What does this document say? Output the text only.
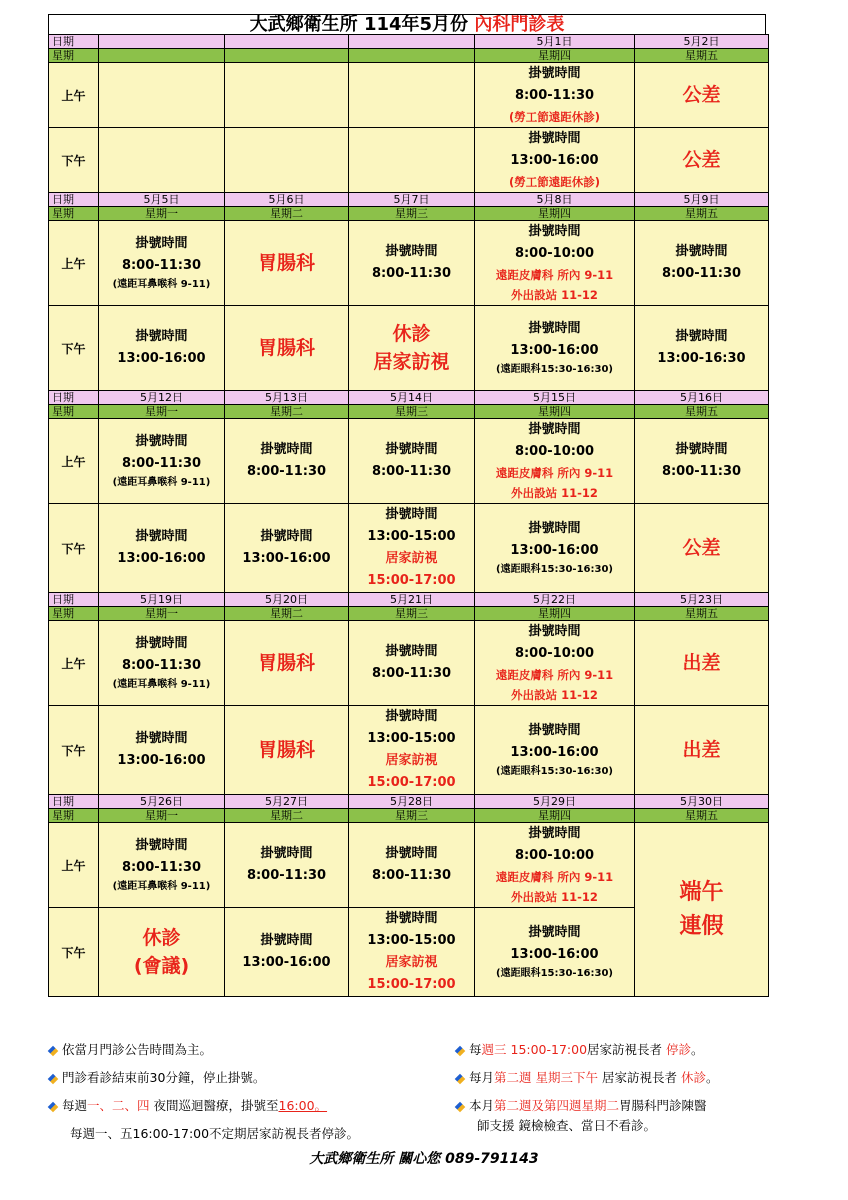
大武鄉衛生所 114年5月份 內科門診表
日期				5月1日	5月2日
星期				星期四	星期五
上午				掛號時間
8:00-11:30
(勞工節遠距休診)	公差

下午				掛號時間
13:00-16:00
(勞工節遠距休診)	公差

日期	5月5日	5月6日	5月7日	5月8日	5月9日
星期	星期一	星期二	星期三	星期四	星期五
上午	掛號時間
8:00-11:30
(遠距耳鼻喉科 9-11)	胃腸科	掛號時間
8:00-11:30	掛號時間
8:00-10:00
遠距皮膚科 所內 9-11
外出設站 11-12	掛號時間
8:00-11:30

下午	掛號時間
13:00-16:00	胃腸科	休診
居家訪視	掛號時間
13:00-16:00
(遠距眼科15:30-16:30)	掛號時間
13:00-16:30

日期	5月12日	5月13日	5月14日	5月15日	5月16日
星期	星期一	星期二	星期三	星期四	星期五
上午	掛號時間
8:00-11:30
(遠距耳鼻喉科 9-11)	掛號時間
8:00-11:30	掛號時間
8:00-11:30	掛號時間
8:00-10:00
遠距皮膚科 所內 9-11
外出設站 11-12	掛號時間
8:00-11:30

下午	掛號時間
13:00-16:00	掛號時間
13:00-16:00	掛號時間
13:00-15:00
居家訪視
15:00-17:00	掛號時間
13:00-16:00
(遠距眼科15:30-16:30)	公差

日期	5月19日	5月20日	5月21日	5月22日	5月23日
星期	星期一	星期二	星期三	星期四	星期五
上午	掛號時間
8:00-11:30
(遠距耳鼻喉科 9-11)	胃腸科	掛號時間
8:00-11:30	掛號時間
8:00-10:00
遠距皮膚科 所內 9-11
外出設站 11-12	出差

下午	掛號時間
13:00-16:00	胃腸科	掛號時間
13:00-15:00
居家訪視
15:00-17:00	掛號時間
13:00-16:00
(遠距眼科15:30-16:30)	出差

日期	5月26日	5月27日	5月28日	5月29日	5月30日
星期	星期一	星期二	星期三	星期四	星期五
上午	掛號時間
8:00-11:30
(遠距耳鼻喉科 9-11)	掛號時間
8:00-11:30	掛號時間
8:00-11:30	掛號時間
8:00-10:00
遠距皮膚科 所內 9-11
外出設站 11-12	端午
連假

下午	休診
(會議)	掛號時間
13:00-16:00	掛號時間
13:00-15:00
居家訪視
15:00-17:00	掛號時間
13:00-16:00
(遠距眼科15:30-16:30)	
依當月門診公告時間為主。
門診看診結束前30分鐘，停止掛號。
每週一、二、四 夜間巡迴醫療，掛號至16:00。
每週一、五16:00-17:00不定期居家訪視長者停診。
每週三 15:00-17:00居家訪視長者 停診。
每月第二週 星期三下午 居家訪視長者 休診。
本月第二週及第四週星期二胃腸科門診陳醫
師支援 鏡檢檢查、當日不看診。
大武鄉衛生所 關心您 089-791143
